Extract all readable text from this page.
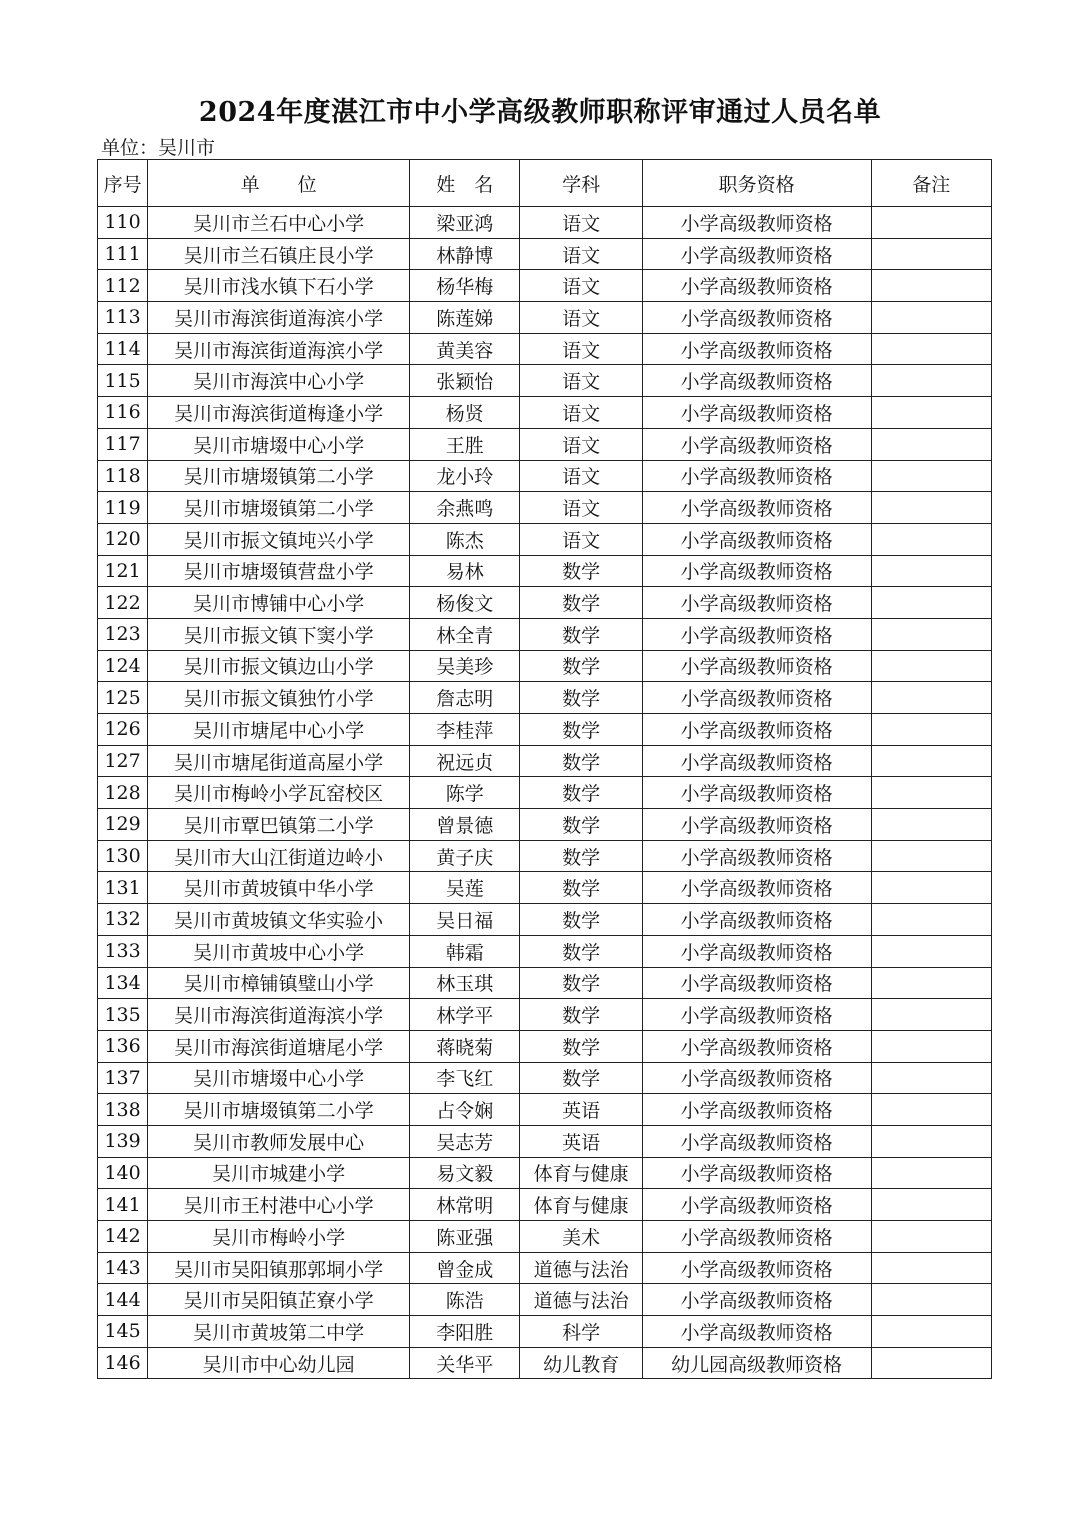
2024年度湛江市中小学高级教师职称评审通过人员名单
单位：吴川市
序号	单　　位	姓　名	学科	职务资格	备注
110	吴川市兰石中心小学	梁亚鸿	语文	小学高级教师资格	
111	吴川市兰石镇庄艮小学	林静博	语文	小学高级教师资格	
112	吴川市浅水镇下石小学	杨华梅	语文	小学高级教师资格	
113	吴川市海滨街道海滨小学	陈莲娣	语文	小学高级教师资格	
114	吴川市海滨街道海滨小学	黄美容	语文	小学高级教师资格	
115	吴川市海滨中心小学	张颖怡	语文	小学高级教师资格	
116	吴川市海滨街道梅逢小学	杨贤	语文	小学高级教师资格	
117	吴川市塘㙍中心小学	王胜	语文	小学高级教师资格	
118	吴川市塘㙍镇第二小学	龙小玲	语文	小学高级教师资格	
119	吴川市塘㙍镇第二小学	余燕鸣	语文	小学高级教师资格	
120	吴川市振文镇坉兴小学	陈杰	语文	小学高级教师资格	
121	吴川市塘㙍镇营盘小学	易林	数学	小学高级教师资格	
122	吴川市博铺中心小学	杨俊文	数学	小学高级教师资格	
123	吴川市振文镇下窦小学	林全青	数学	小学高级教师资格	
124	吴川市振文镇边山小学	吴美珍	数学	小学高级教师资格	
125	吴川市振文镇独竹小学	詹志明	数学	小学高级教师资格	
126	吴川市塘尾中心小学	李桂萍	数学	小学高级教师资格	
127	吴川市塘尾街道高屋小学	祝远贞	数学	小学高级教师资格	
128	吴川市梅岭小学瓦窑校区	陈学	数学	小学高级教师资格	
129	吴川市覃巴镇第二小学	曾景德	数学	小学高级教师资格	
130	吴川市大山江街道边岭小	黄子庆	数学	小学高级教师资格	
131	吴川市黄坡镇中华小学	吴莲	数学	小学高级教师资格	
132	吴川市黄坡镇文华实验小	吴日福	数学	小学高级教师资格	
133	吴川市黄坡中心小学	韩霜	数学	小学高级教师资格	
134	吴川市樟铺镇璧山小学	林玉琪	数学	小学高级教师资格	
135	吴川市海滨街道海滨小学	林学平	数学	小学高级教师资格	
136	吴川市海滨街道塘尾小学	蒋晓菊	数学	小学高级教师资格	
137	吴川市塘㙍中心小学	李飞红	数学	小学高级教师资格	
138	吴川市塘㙍镇第二小学	占令娴	英语	小学高级教师资格	
139	吴川市教师发展中心	吴志芳	英语	小学高级教师资格	
140	吴川市城建小学	易文毅	体育与健康	小学高级教师资格	
141	吴川市王村港中心小学	林常明	体育与健康	小学高级教师资格	
142	吴川市梅岭小学	陈亚强	美术	小学高级教师资格	
143	吴川市吴阳镇那郭垌小学	曾金成	道德与法治	小学高级教师资格	
144	吴川市吴阳镇芷寮小学	陈浩	道德与法治	小学高级教师资格	
145	吴川市黄坡第二中学	李阳胜	科学	小学高级教师资格	
146	吴川市中心幼儿园	关华平	幼儿教育	幼儿园高级教师资格	
